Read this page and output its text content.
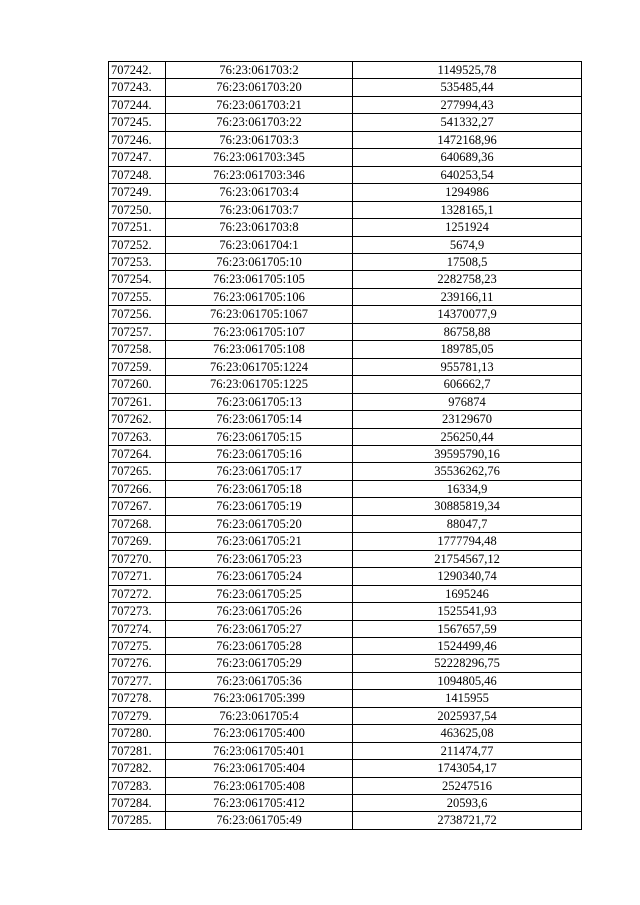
707242.	76:23:061703:2	1149525,78
707243.	76:23:061703:20	535485,44
707244.	76:23:061703:21	277994,43
707245.	76:23:061703:22	541332,27
707246.	76:23:061703:3	1472168,96
707247.	76:23:061703:345	640689,36
707248.	76:23:061703:346	640253,54
707249.	76:23:061703:4	1294986
707250.	76:23:061703:7	1328165,1
707251.	76:23:061703:8	1251924
707252.	76:23:061704:1	5674,9
707253.	76:23:061705:10	17508,5
707254.	76:23:061705:105	2282758,23
707255.	76:23:061705:106	239166,11
707256.	76:23:061705:1067	14370077,9
707257.	76:23:061705:107	86758,88
707258.	76:23:061705:108	189785,05
707259.	76:23:061705:1224	955781,13
707260.	76:23:061705:1225	606662,7
707261.	76:23:061705:13	976874
707262.	76:23:061705:14	23129670
707263.	76:23:061705:15	256250,44
707264.	76:23:061705:16	39595790,16
707265.	76:23:061705:17	35536262,76
707266.	76:23:061705:18	16334,9
707267.	76:23:061705:19	30885819,34
707268.	76:23:061705:20	88047,7
707269.	76:23:061705:21	1777794,48
707270.	76:23:061705:23	21754567,12
707271.	76:23:061705:24	1290340,74
707272.	76:23:061705:25	1695246
707273.	76:23:061705:26	1525541,93
707274.	76:23:061705:27	1567657,59
707275.	76:23:061705:28	1524499,46
707276.	76:23:061705:29	52228296,75
707277.	76:23:061705:36	1094805,46
707278.	76:23:061705:399	1415955
707279.	76:23:061705:4	2025937,54
707280.	76:23:061705:400	463625,08
707281.	76:23:061705:401	211474,77
707282.	76:23:061705:404	1743054,17
707283.	76:23:061705:408	25247516
707284.	76:23:061705:412	20593,6
707285.	76:23:061705:49	2738721,72
